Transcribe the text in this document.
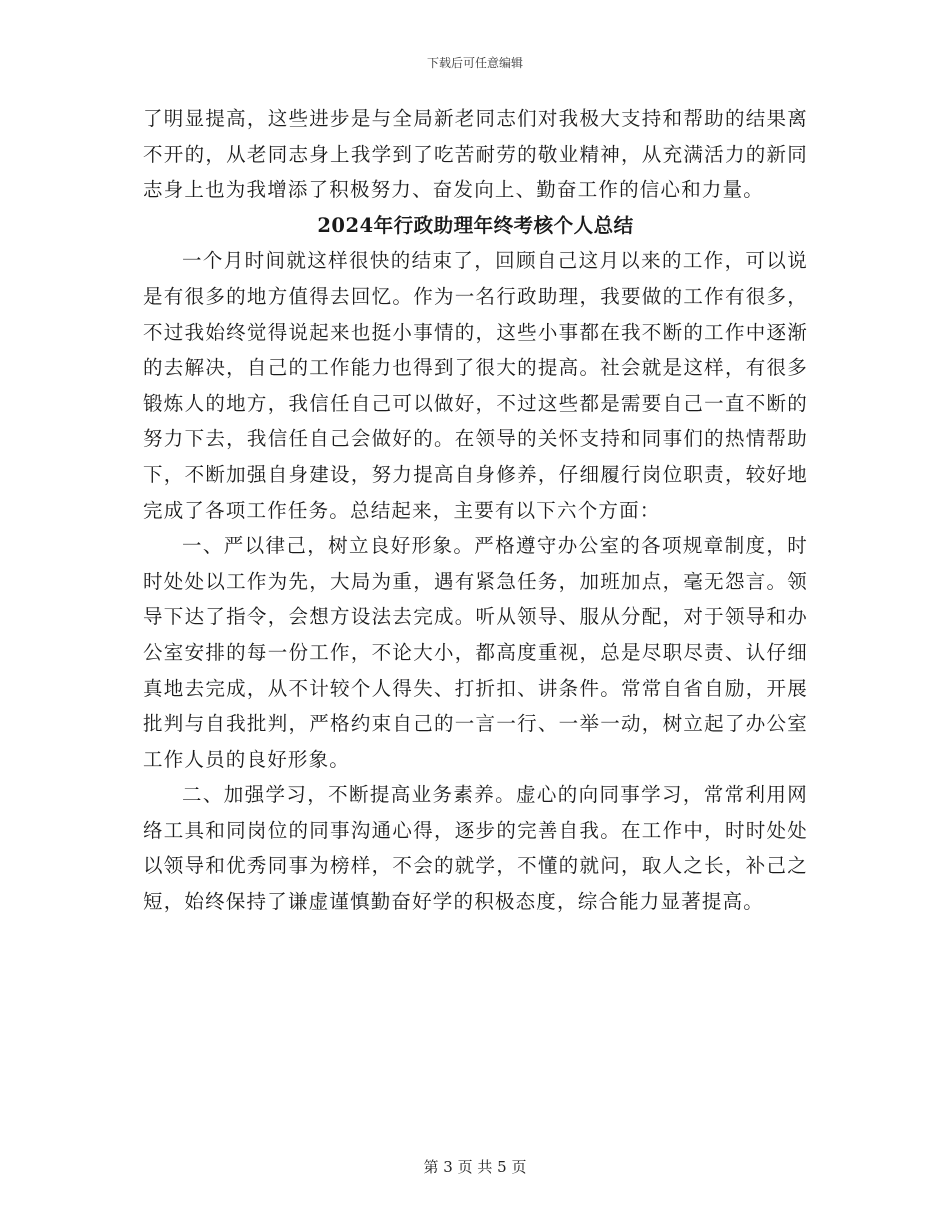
下载后可任意编辑

了明显提高，这些进步是与全局新老同志们对我极大支持和帮助的结果离不开的，从老同志身上我学到了吃苦耐劳的敬业精神，从充满活力的新同志身上也为我增添了积极努力、奋发向上、勤奋工作的信心和力量。

2024年行政助理年终考核个人总结

一个月时间就这样很快的结束了，回顾自己这月以来的工作，可以说是有很多的地方值得去回忆。作为一名行政助理，我要做的工作有很多，不过我始终觉得说起来也挺小事情的，这些小事都在我不断的工作中逐渐的去解决，自己的工作能力也得到了很大的提高。社会就是这样，有很多锻炼人的地方，我信任自己可以做好，不过这些都是需要自己一直不断的努力下去，我信任自己会做好的。在领导的关怀支持和同事们的热情帮助下，不断加强自身建设，努力提高自身修养，仔细履行岗位职责，较好地完成了各项工作任务。总结起来，主要有以下六个方面：

一、严以律己，树立良好形象。严格遵守办公室的各项规章制度，时时处处以工作为先，大局为重，遇有紧急任务，加班加点，毫无怨言。领导下达了指令，会想方设法去完成。听从领导、服从分配，对于领导和办公室安排的每一份工作，不论大小，都高度重视，总是尽职尽责、认仔细真地去完成，从不计较个人得失、打折扣、讲条件。常常自省自励，开展批判与自我批判，严格约束自己的一言一行、一举一动，树立起了办公室工作人员的良好形象。

二、加强学习，不断提高业务素养。虚心的向同事学习，常常利用网络工具和同岗位的同事沟通心得，逐步的完善自我。在工作中，时时处处以领导和优秀同事为榜样，不会的就学，不懂的就问，取人之长，补己之短，始终保持了谦虚谨慎勤奋好学的积极态度，综合能力显著提高。

第 3 页 共 5 页
